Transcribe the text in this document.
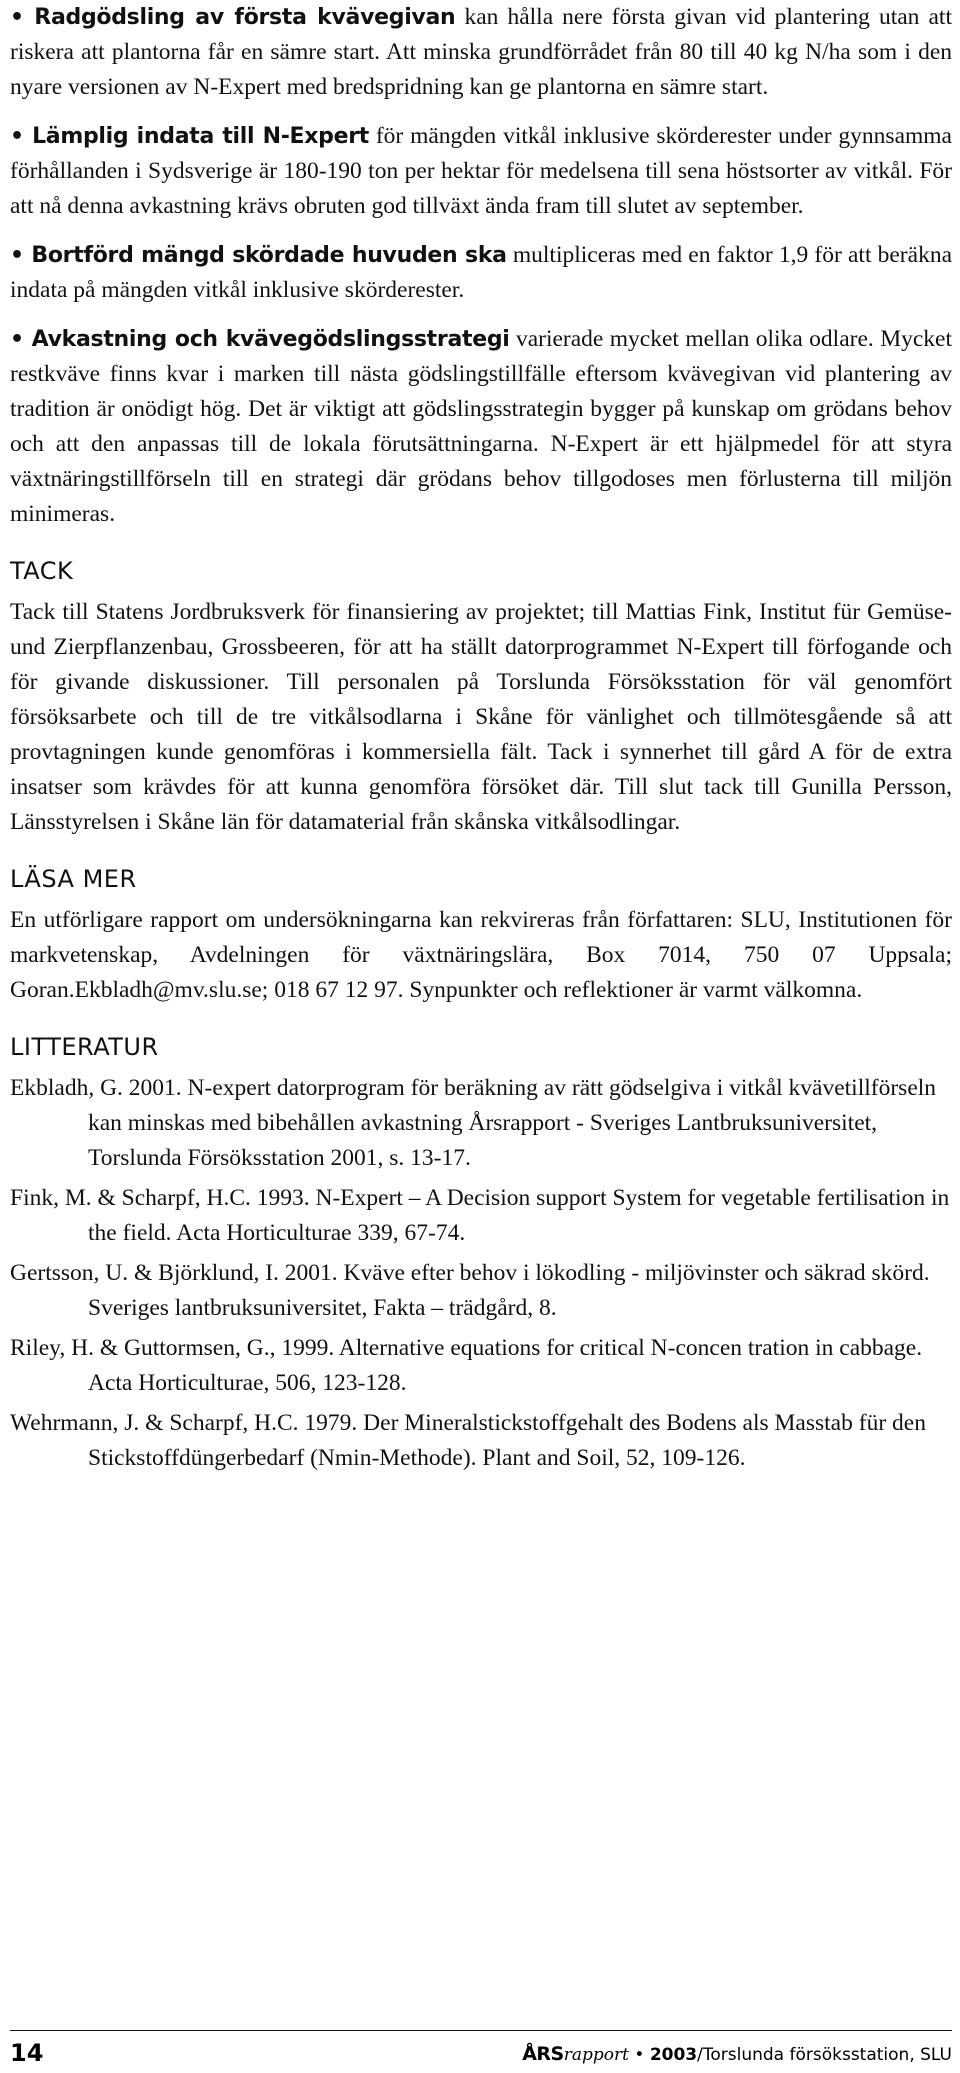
• Radgödsling av första kvävegivan kan hålla nere första givan vid plantering utan att riskera att plantorna får en sämre start. Att minska grundförrådet från 80 till 40 kg N/ha som i den nyare versionen av N-Expert med bredspridning kan ge plantorna en sämre start.

• Lämplig indata till N-Expert för mängden vitkål inklusive skörderester under gynnsamma förhållanden i Sydsverige är 180-190 ton per hektar för medelsena till sena höstsorter av vitkål. För att nå denna avkastning krävs obruten god tillväxt ända fram till slutet av september.

• Bortförd mängd skördade huvuden ska multipliceras med en faktor 1,9 för att beräkna indata på mängden vitkål inklusive skörderester.

• Avkastning och kvävegödslingsstrategi varierade mycket mellan olika odlare. Mycket restkväve finns kvar i marken till nästa gödslingstillfälle eftersom kvävegivan vid plantering av tradition är onödigt hög. Det är viktigt att gödslingsstrategin bygger på kunskap om grödans behov och att den anpassas till de lokala förutsättningarna. N-Expert är ett hjälpmedel för att styra växtnäringstillförseln till en strategi där grödans behov tillgodoses men förlusterna till miljön minimeras.

TACK

Tack till Statens Jordbruksverk för finansiering av projektet; till Mattias Fink, Institut für Gemüse- und Zierpflanzenbau, Grossbeeren, för att ha ställt datorprogrammet N-Expert till förfogande och för givande diskussioner. Till personalen på Torslunda Försöksstation för väl genomfört försöksarbete och till de tre vitkålsodlarna i Skåne för vänlighet och tillmötesgående så att provtagningen kunde genomföras i kommersiella fält. Tack i synnerhet till gård A för de extra insatser som krävdes för att kunna genomföra försöket där. Till slut tack till Gunilla Persson, Länsstyrelsen i Skåne län för datamaterial från skånska vitkålsodlingar.

LÄSA MER

En utförligare rapport om undersökningarna kan rekvireras från författaren: SLU, Institutionen för markvetenskap, Avdelningen för växtnäringslära, Box 7014, 750 07 Uppsala; Goran.Ekbladh@mv.slu.se; 018 67 12 97. Synpunkter och reflektioner är varmt välkomna.

LITTERATUR
Ekbladh, G. 2001. N-expert datorprogram för beräkning av rätt gödselgiva i vitkål kvävetillförseln kan minskas med bibehållen avkastning Årsrapport - Sveriges Lantbruksuniversitet, Torslunda Försöksstation 2001, s. 13-17.
Fink, M. & Scharpf, H.C. 1993. N-Expert – A Decision support System for vegetable fertilisation in the field. Acta Horticulturae 339, 67-74.
Gertsson, U. & Björklund, I. 2001. Kväve efter behov i lökodling - miljövinster och säkrad skörd. Sveriges lantbruksuniversitet, Fakta – trädgård, 8.
Riley, H. & Guttormsen, G., 1999. Alternative equations for critical N-concen tration in cabbage. Acta Horticulturae, 506, 123-128.
Wehrmann, J. & Scharpf, H.C. 1979. Der Mineralstickstoffgehalt des Bodens als Masstab für den Stickstoffdüngerbedarf (Nmin-Methode). Plant and Soil, 52, 109-126.
14	ÅRSrapport • 2003/Torslunda försöksstation, SLU
